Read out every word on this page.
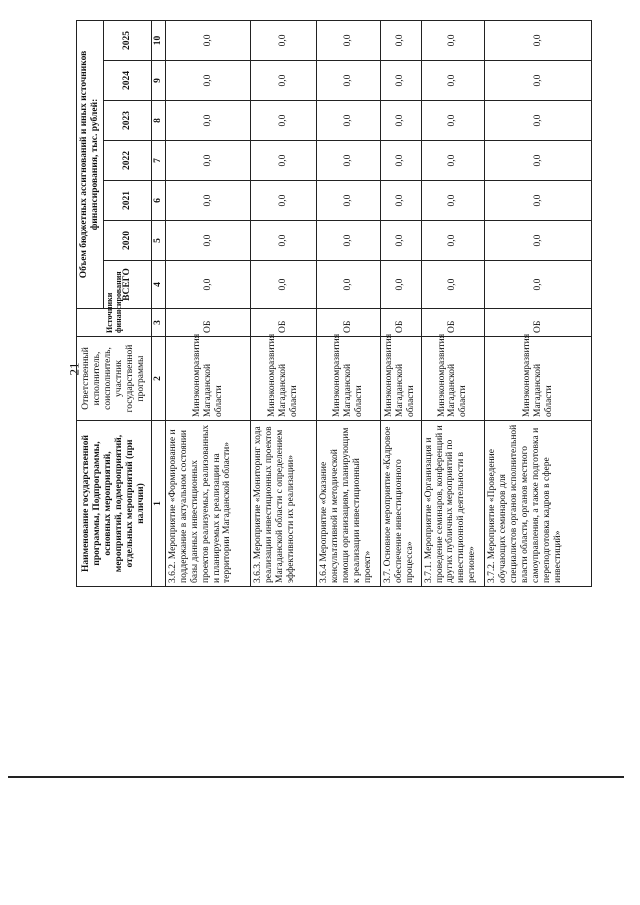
21
Наименование государственной программы, Подпрограммы, основных мероприятий, мероприятий, подмероприятий, отдельных мероприятий (при наличии)	Ответственный исполнитель, соисполнитель, участник государственной программы	Источники финансирования	Объем бюджетных ассигнований и иных источников финансирования, тыс. рублей:						
			ВСЕГО	2020	2021	2022	2023	2024	2025
1	2	3	4	5	6	7	8	9	10
3.6.2. Мероприятие «Формирование и поддержание в актуальном состоянии базы данных инвестиционных проектов реализуемых, реализованных и планируемых к реализации на территории Магаданской области»	Минэкономразвития Магаданской области	ОБ	0,0	0,0	0,0	0,0	0,0	0,0	0,0
3.6.3. Мероприятие «Мониторинг хода реализации инвестиционных проектов Магаданской области с определением эффективности их реализации»	Минэкономразвития Магаданской области	ОБ	0,0	0,0	0,0	0,0	0,0	0,0	0,0
3.6.4 Мероприятие «Оказание консультативной и методической помощи организациям, планирующим к реализации инвестиционный проект»	Минэкономразвития Магаданской области	ОБ	0,0	0,0	0,0	0,0	0,0	0,0	0,0
3.7. Основное мероприятие «Кадровое обеспечение инвестиционного процесса»	Минэкономразвития Магаданской области	ОБ	0,0	0,0	0,0	0,0	0,0	0,0	0,0
3.7.1. Мероприятие «Организация и проведение семинаров, конференций и других публичных мероприятий по инвестиционной деятельности в регионе»	Минэкономразвития Магаданской области	ОБ	0,0	0,0	0,0	0,0	0,0	0,0	0,0
3.7.2. Мероприятие «Проведение обучающих семинаров для специалистов органов исполнительной власти области, органов местного самоуправления, а также подготовка и переподготовка кадров в сфере инвестиций»	Минэкономразвития Магаданской области	ОБ	0,0	0,0	0,0	0,0	0,0	0,0	0,0
